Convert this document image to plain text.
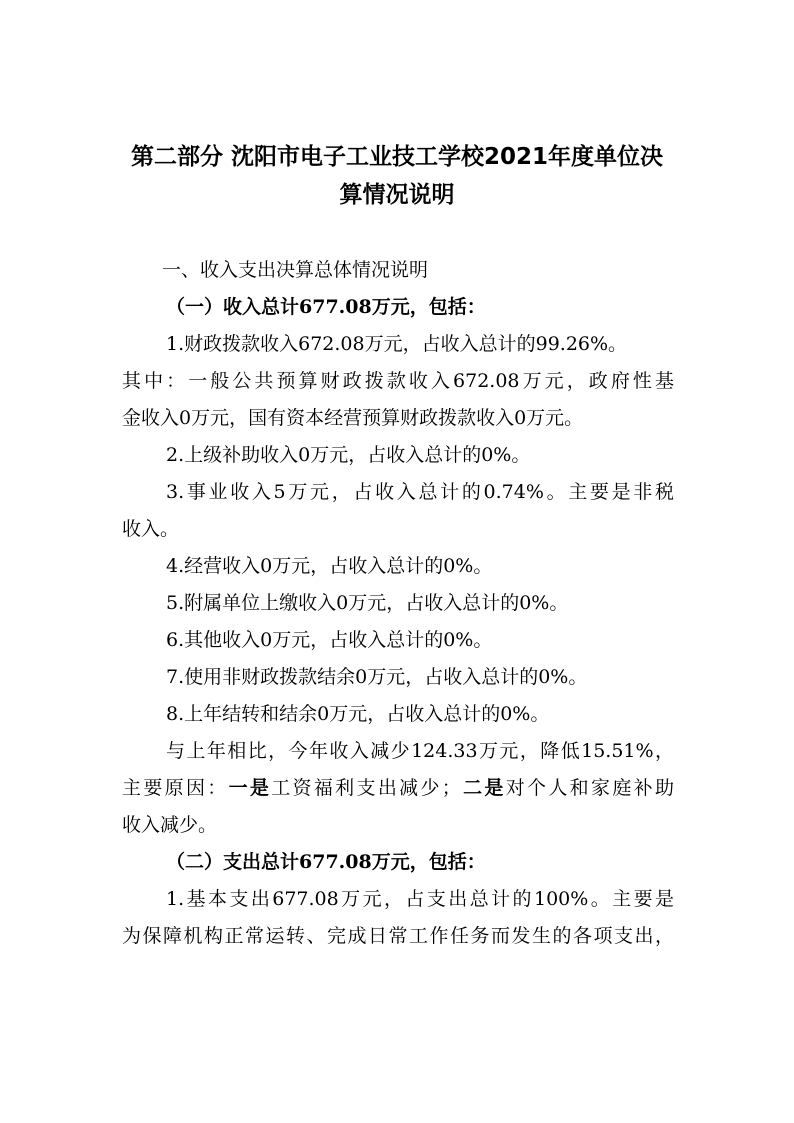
第二部分 沈阳市电子工业技工学校2021年度单位决
算情况说明
一、收入支出决算总体情况说明
（一）收入总计677.08万元，包括：
1.财政拨款收入672.08万元，占收入总计的99.26%。
其中：一般公共预算财政拨款收入672.08万元，政府性基
金收入0万元，国有资本经营预算财政拨款收入0万元。
2.上级补助收入0万元，占收入总计的0%。
3.事业收入5万元，占收入总计的0.74%。主要是非税
收入。
4.经营收入0万元，占收入总计的0%。
5.附属单位上缴收入0万元，占收入总计的0%。
6.其他收入0万元，占收入总计的0%。
7.使用非财政拨款结余0万元，占收入总计的0%。
8.上年结转和结余0万元，占收入总计的0%。
与上年相比，今年收入减少124.33万元，降低15.51%，
主要原因：一是工资福利支出减少；二是对个人和家庭补助
收入减少。
（二）支出总计677.08万元，包括：
1.基本支出677.08万元，占支出总计的100%。主要是
为保障机构正常运转、完成日常工作任务而发生的各项支出，
